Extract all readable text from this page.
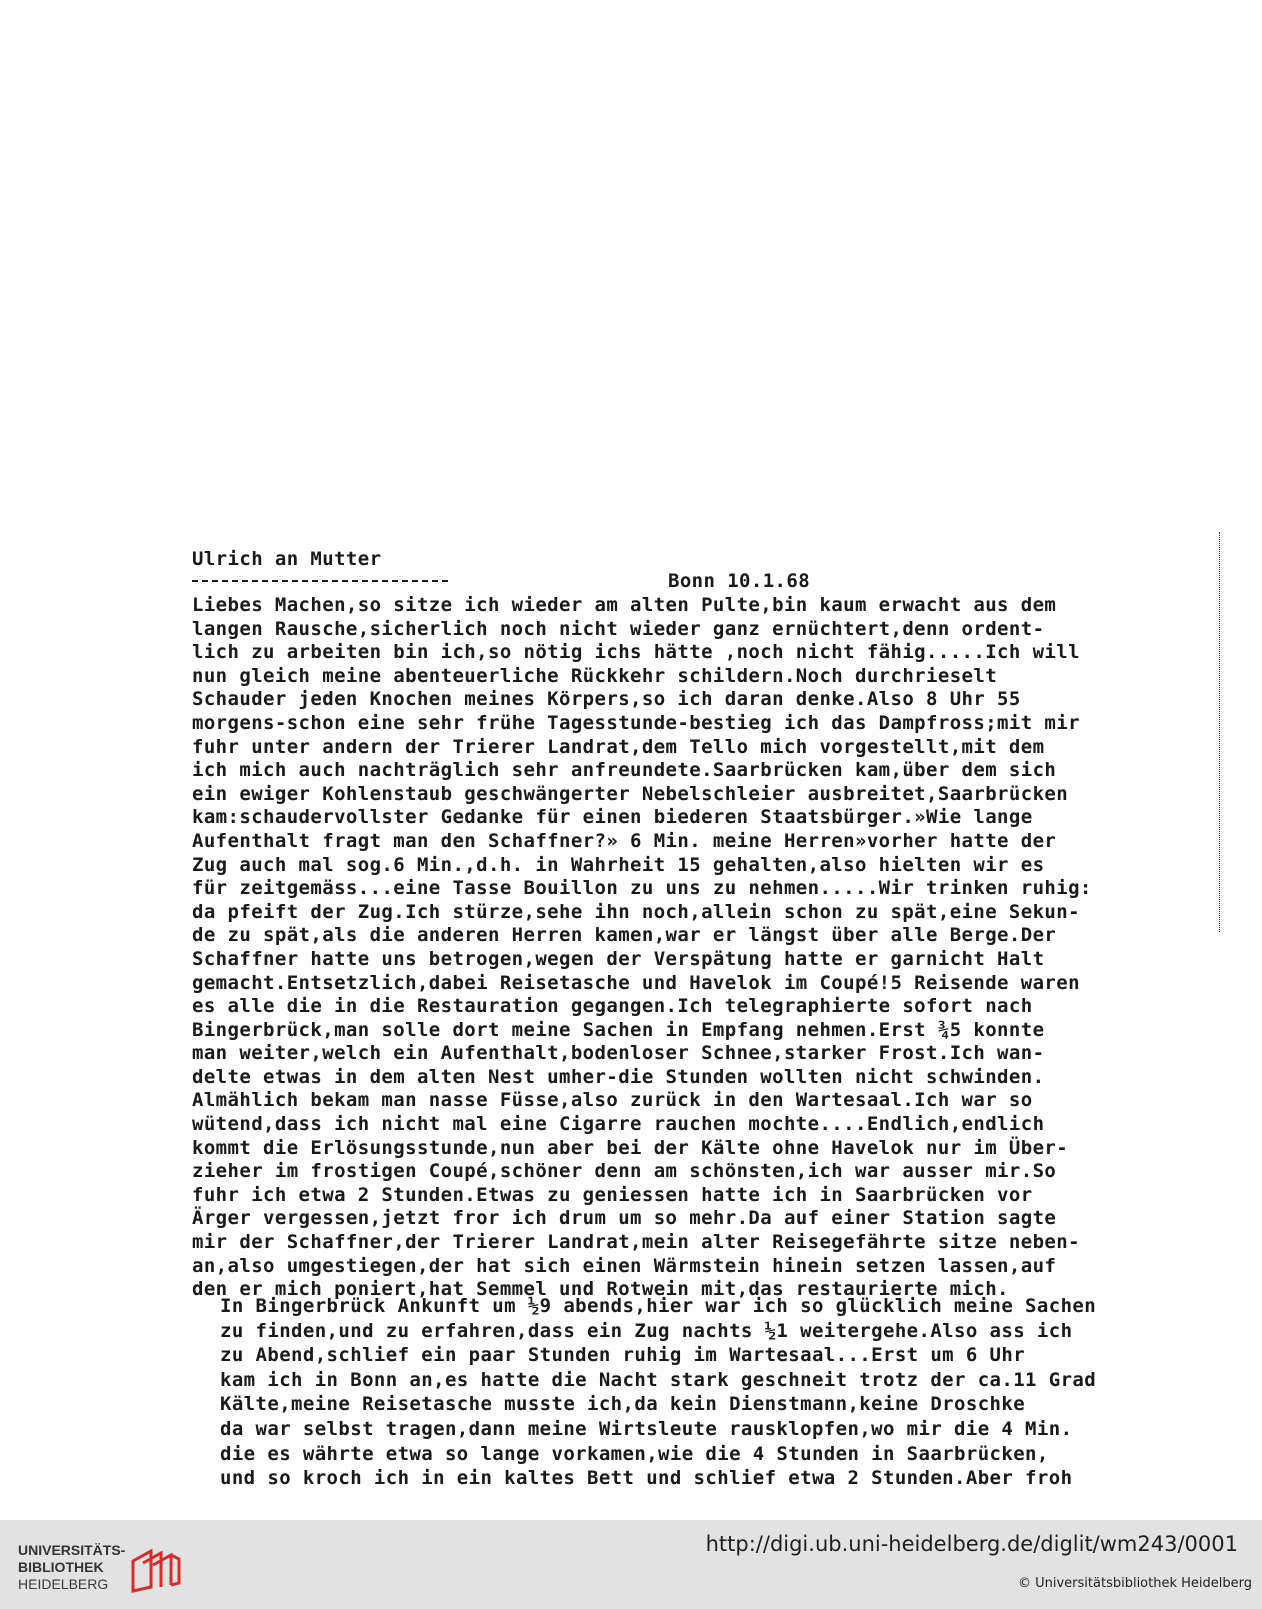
Ulrich an Mutter
Bonn 10.1.68
Liebes Machen,so sitze ich wieder am alten Pulte,bin kaum erwacht aus dem
langen Rausche,sicherlich noch nicht wieder ganz ernüchtert,denn ordent-
lich zu arbeiten bin ich,so nötig ichs hätte ,noch nicht fähig.....Ich will
nun gleich meine abenteuerliche Rückkehr schildern.Noch durchrieselt
Schauder jeden Knochen meines Körpers,so ich daran denke.Also 8 Uhr 55
morgens-schon eine sehr frühe Tagesstunde-bestieg ich das Dampfross;mit mir
fuhr unter andern der Trierer Landrat,dem Tello mich vorgestellt,mit dem
ich mich auch nachträglich sehr anfreundete.Saarbrücken kam,über dem sich
ein ewiger Kohlenstaub geschwängerter Nebelschleier ausbreitet,Saarbrücken
kam:schaudervollster Gedanke für einen biederen Staatsbürger.»Wie lange
Aufenthalt fragt man den Schaffner?» 6 Min. meine Herren»vorher hatte der
Zug auch mal sog.6 Min.,d.h. in Wahrheit 15 gehalten,also hielten wir es
für zeitgemäss...eine Tasse Bouillon zu uns zu nehmen.....Wir trinken ruhig:
da pfeift der Zug.Ich stürze,sehe ihn noch,allein schon zu spät,eine Sekun-
de zu spät,als die anderen Herren kamen,war er längst über alle Berge.Der
Schaffner hatte uns betrogen,wegen der Verspätung hatte er garnicht Halt
gemacht.Entsetzlich,dabei Reisetasche und Havelok im Coupé!5 Reisende waren
es alle die in die Restauration gegangen.Ich telegraphierte sofort nach
Bingerbrück,man solle dort meine Sachen in Empfang nehmen.Erst ¾5 konnte
man weiter,welch ein Aufenthalt,bodenloser Schnee,starker Frost.Ich wan-
delte etwas in dem alten Nest umher-die Stunden wollten nicht schwinden.
Almählich bekam man nasse Füsse,also zurück in den Wartesaal.Ich war so
wütend,dass ich nicht mal eine Cigarre rauchen mochte....Endlich,endlich
kommt die Erlösungsstunde,nun aber bei der Kälte ohne Havelok nur im Über-
zieher im frostigen Coupé,schöner denn am schönsten,ich war ausser mir.So
fuhr ich etwa 2 Stunden.Etwas zu geniessen hatte ich in Saarbrücken vor
Ärger vergessen,jetzt fror ich drum um so mehr.Da auf einer Station sagte
mir der Schaffner,der Trierer Landrat,mein alter Reisegefährte sitze neben-
an,also umgestiegen,der hat sich einen Wärmstein hinein setzen lassen,auf
den er mich poniert,hat Semmel und Rotwein mit,das restaurierte mich.
In Bingerbrück Ankunft um ½9 abends,hier war ich so glücklich meine Sachen
zu finden,und zu erfahren,dass ein Zug nachts ½1 weitergehe.Also ass ich
zu Abend,schlief ein paar Stunden ruhig im Wartesaal...Erst um 6 Uhr
kam ich in Bonn an,es hatte die Nacht stark geschneit trotz der ca.11 Grad
Kälte,meine Reisetasche musste ich,da kein Dienstmann,keine Droschke
da war selbst tragen,dann meine Wirtsleute rausklopfen,wo mir die 4 Min.
die es währte etwa so lange vorkamen,wie die 4 Stunden in Saarbrücken,
und so kroch ich in ein kaltes Bett und schlief etwa 2 Stunden.Aber froh
UNIVERSITÄTS-
BIBLIOTHEK
HEIDELBERG
http://digi.ub.uni-heidelberg.de/diglit/wm243/0001
© Universitätsbibliothek Heidelberg
